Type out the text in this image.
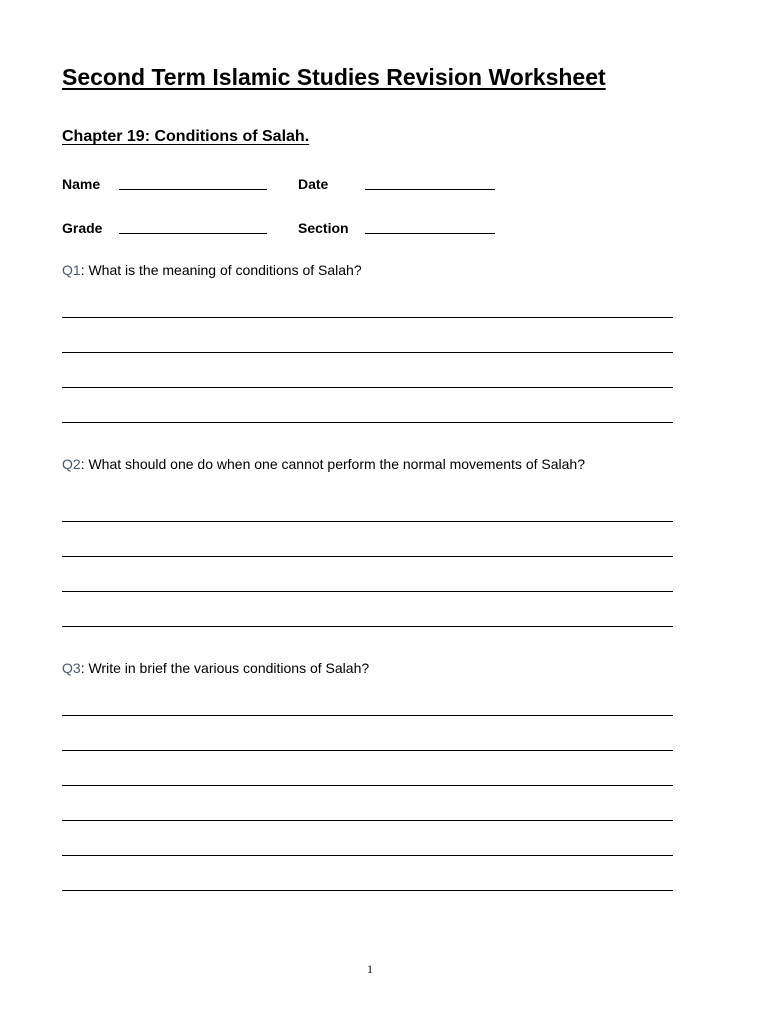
Second Term Islamic Studies Revision Worksheet
Chapter 19: Conditions of Salah.
Name	Date
Grade	Section
Q1: What is the meaning of conditions of Salah?
Q2: What should one do when one cannot perform the normal movements of Salah?
Q3: Write in brief the various conditions of Salah?
1
